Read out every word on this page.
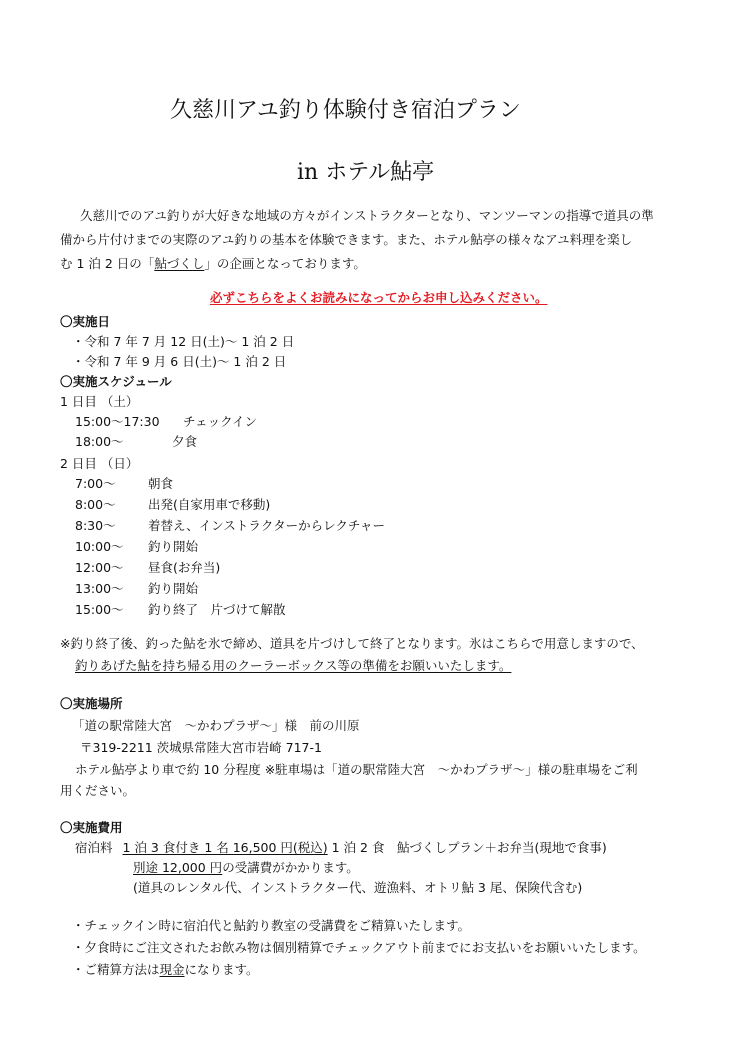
久慈川アユ釣り体験付き宿泊プラン
in ホテル鮎亭
久慈川でのアユ釣りが大好きな地域の方々がインストラクターとなり、マンツーマンの指導で道具の準
備から片付けまでの実際のアユ釣りの基本を体験できます。また、ホテル鮎亭の様々なアユ料理を楽し
む 1 泊 2 日の「鮎づくし」の企画となっております。
必ずこちらをよくお読みになってからお申し込みください。
〇実施日
・令和 7 年 7 月 12 日(土)～ 1 泊 2 日
・令和 7 年 9 月 6 日(土)～ 1 泊 2 日
〇実施スケジュール
1 日目 （土）
15:00～17:30 チェックイン
18:00～	夕食
2 日目 （日）
7:00～	朝食
8:00～	出発(自家用車で移動)
8:30～	着替え、インストラクターからレクチャー
10:00～ 釣り開始
12:00～ 昼食(お弁当)
13:00～ 釣り開始
15:00～ 釣り終了　片づけて解散
※釣り終了後、釣った鮎を氷で締め、道具を片づけして終了となります。氷はこちらで用意しますので、
釣りあげた鮎を持ち帰る用のクーラーボックス等の準備をお願いいたします。
〇実施場所
「道の駅常陸大宮　～かわプラザ～」様　前の川原
〒319-2211 茨城県常陸大宮市岩崎 717-1
ホテル鮎亭より車で約 10 分程度 ※駐車場は「道の駅常陸大宮　～かわプラザ～」様の駐車場をご利
用ください。
〇実施費用
宿泊料 1 泊 3 食付き 1 名 16,500 円(税込) 1 泊 2 食　鮎づくしプラン＋お弁当(現地で食事)
別途 12,000 円の受講費がかかります。
(道具のレンタル代、インストラクター代、遊漁料、オトリ鮎 3 尾、保険代含む)
・チェックイン時に宿泊代と鮎釣り教室の受講費をご精算いたします。
・夕食時にご注文されたお飲み物は個別精算でチェックアウト前までにお支払いをお願いいたします。
・ご精算方法は現金になります。
